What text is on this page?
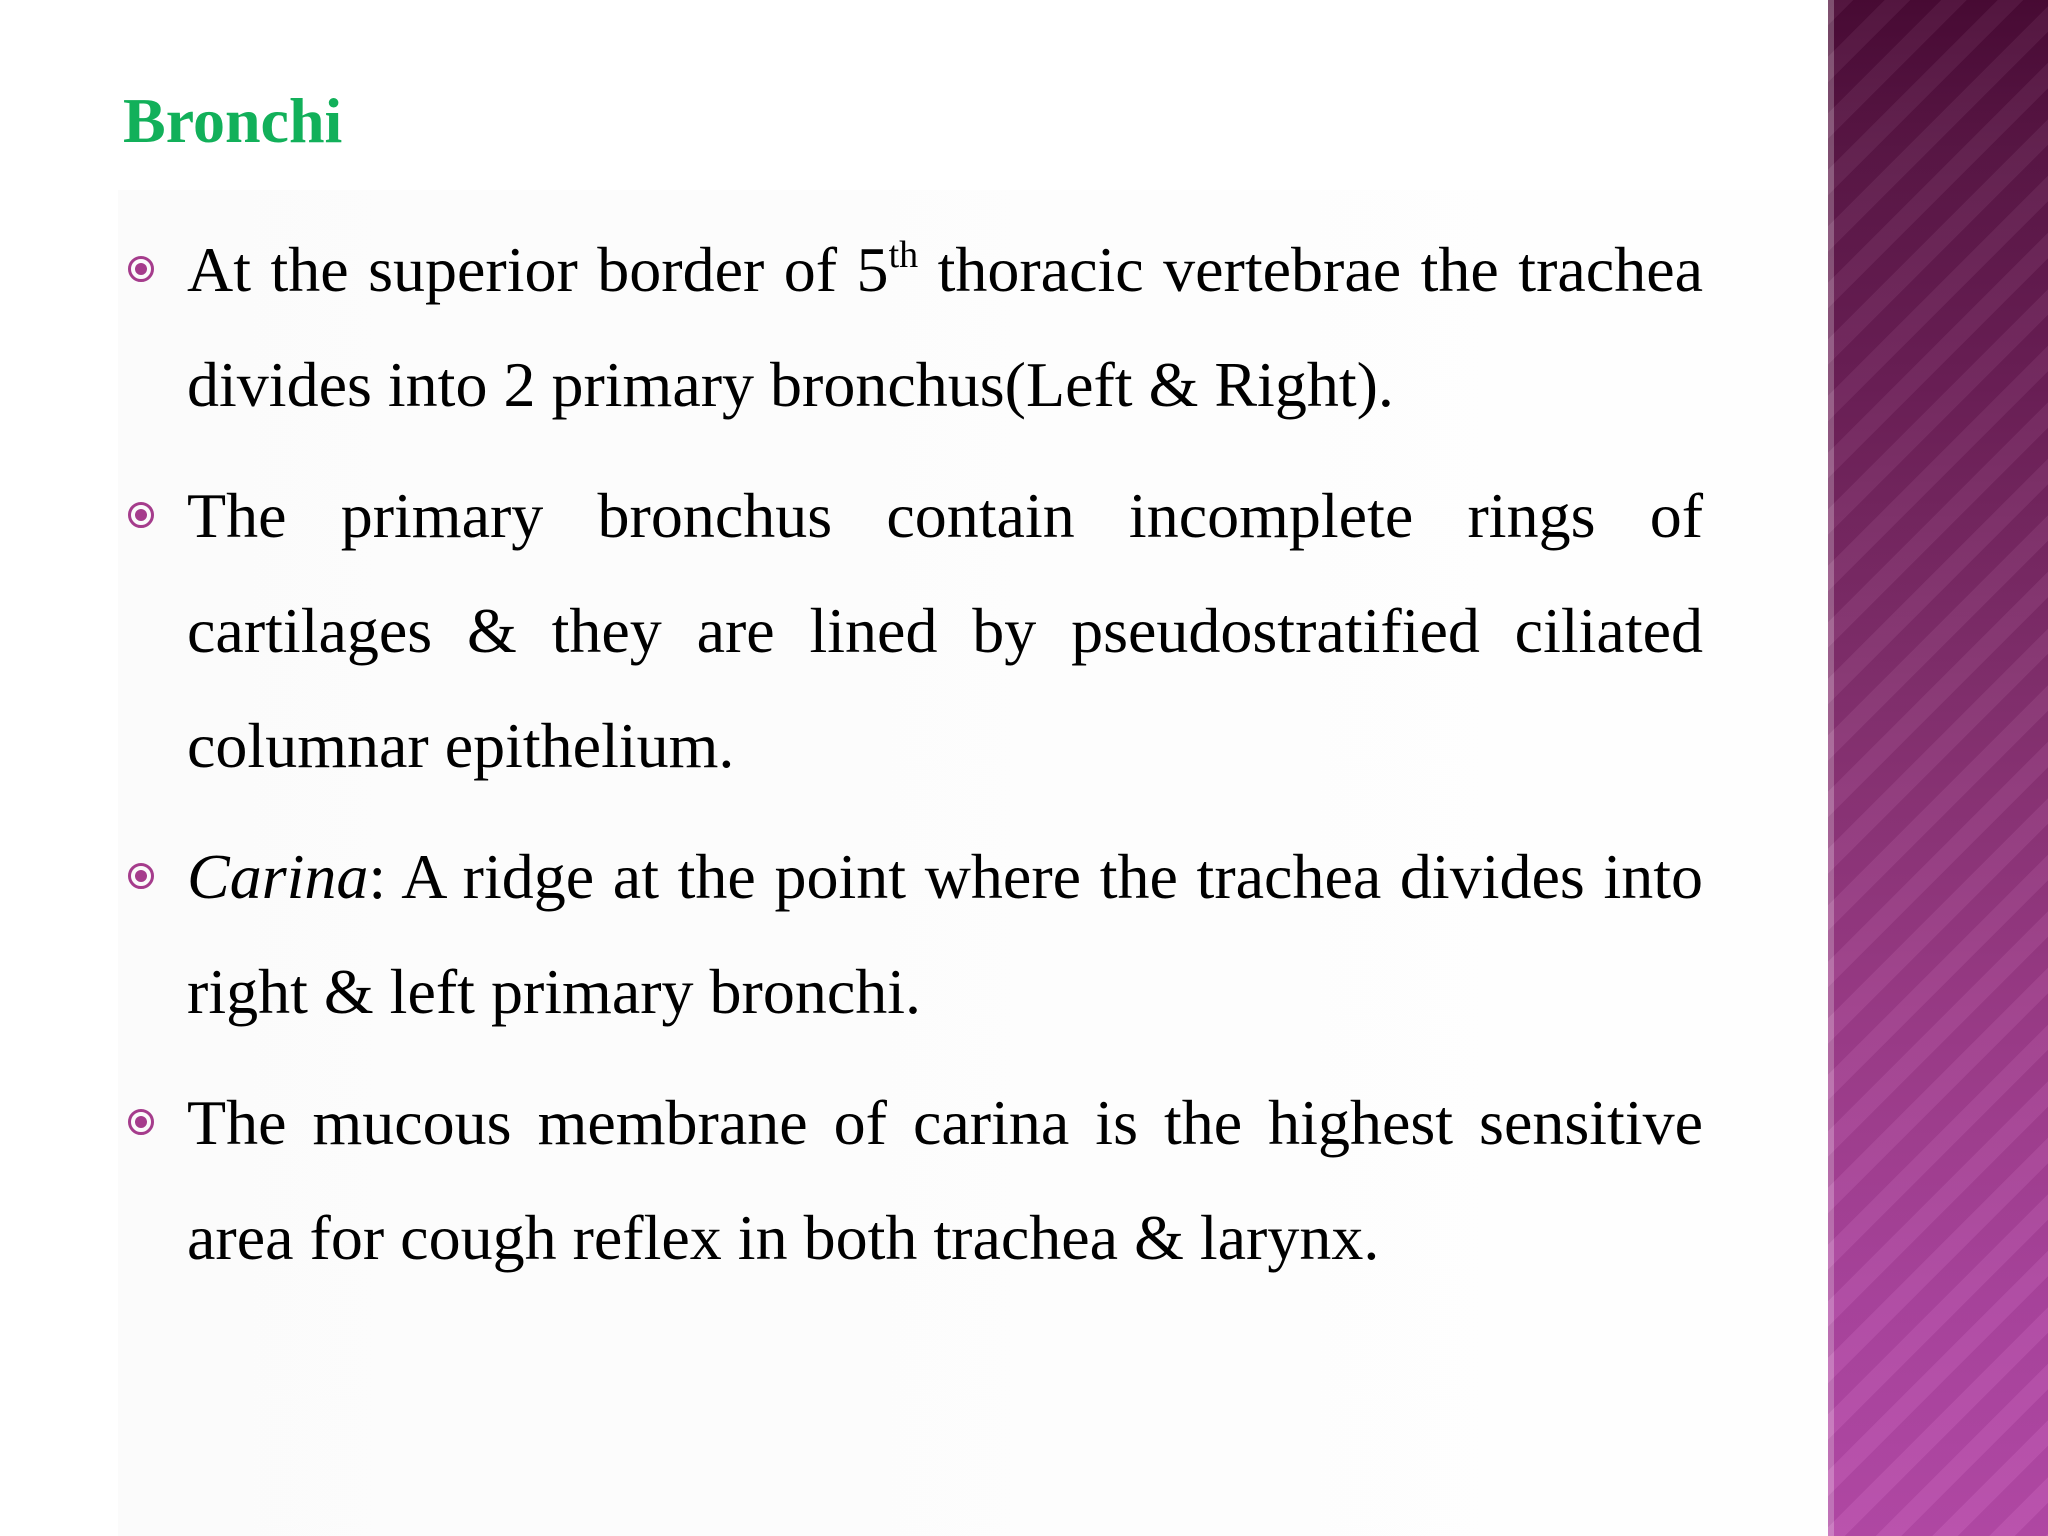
Bronchi
At the superior border of 5th thoracic vertebrae the trachea divides into 2 primary bronchus(Left & Right).
The primary bronchus contain incomplete rings of cartilages & they are lined by pseudostratified ciliated columnar epithelium.
Carina: A ridge at the point where the trachea divides into right & left primary bronchi.
The mucous membrane of carina is the highest sensitive area for cough reflex in both trachea & larynx.
